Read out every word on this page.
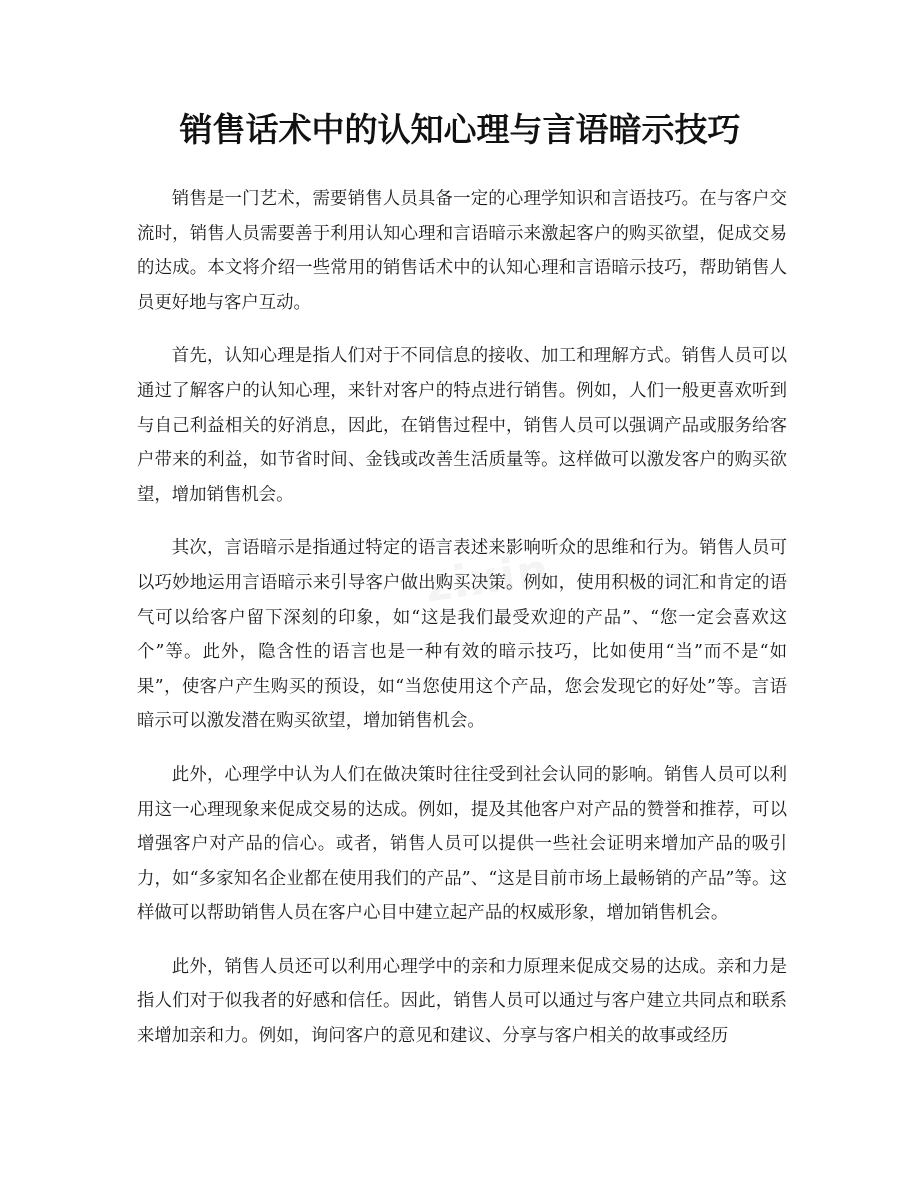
销售话术中的认知心理与言语暗示技巧
zixin

销售是一门艺术，需要销售人员具备一定的心理学知识和言语技巧。在与客户交流时，销售人员需要善于利用认知心理和言语暗示来激起客户的购买欲望，促成交易的达成。本文将介绍一些常用的销售话术中的认知心理和言语暗示技巧，帮助销售人员更好地与客户互动。

首先，认知心理是指人们对于不同信息的接收、加工和理解方式。销售人员可以通过了解客户的认知心理，来针对客户的特点进行销售。例如，人们一般更喜欢听到与自己利益相关的好消息，因此，在销售过程中，销售人员可以强调产品或服务给客户带来的利益，如节省时间、金钱或改善生活质量等。这样做可以激发客户的购买欲望，增加销售机会。

其次，言语暗示是指通过特定的语言表述来影响听众的思维和行为。销售人员可以巧妙地运用言语暗示来引导客户做出购买决策。例如，使用积极的词汇和肯定的语气可以给客户留下深刻的印象，如“这是我们最受欢迎的产品”、“您一定会喜欢这个”等。此外，隐含性的语言也是一种有效的暗示技巧，比如使用“当”而不是“如果”，使客户产生购买的预设，如“当您使用这个产品，您会发现它的好处”等。言语暗示可以激发潜在购买欲望，增加销售机会。

此外，心理学中认为人们在做决策时往往受到社会认同的影响。销售人员可以利用这一心理现象来促成交易的达成。例如，提及其他客户对产品的赞誉和推荐，可以增强客户对产品的信心。或者，销售人员可以提供一些社会证明来增加产品的吸引力，如“多家知名企业都在使用我们的产品”、“这是目前市场上最畅销的产品”等。这样做可以帮助销售人员在客户心目中建立起产品的权威形象，增加销售机会。

此外，销售人员还可以利用心理学中的亲和力原理来促成交易的达成。亲和力是指人们对于似我者的好感和信任。因此，销售人员可以通过与客户建立共同点和联系来增加亲和力。例如，询问客户的意见和建议、分享与客户相关的故事或经历
